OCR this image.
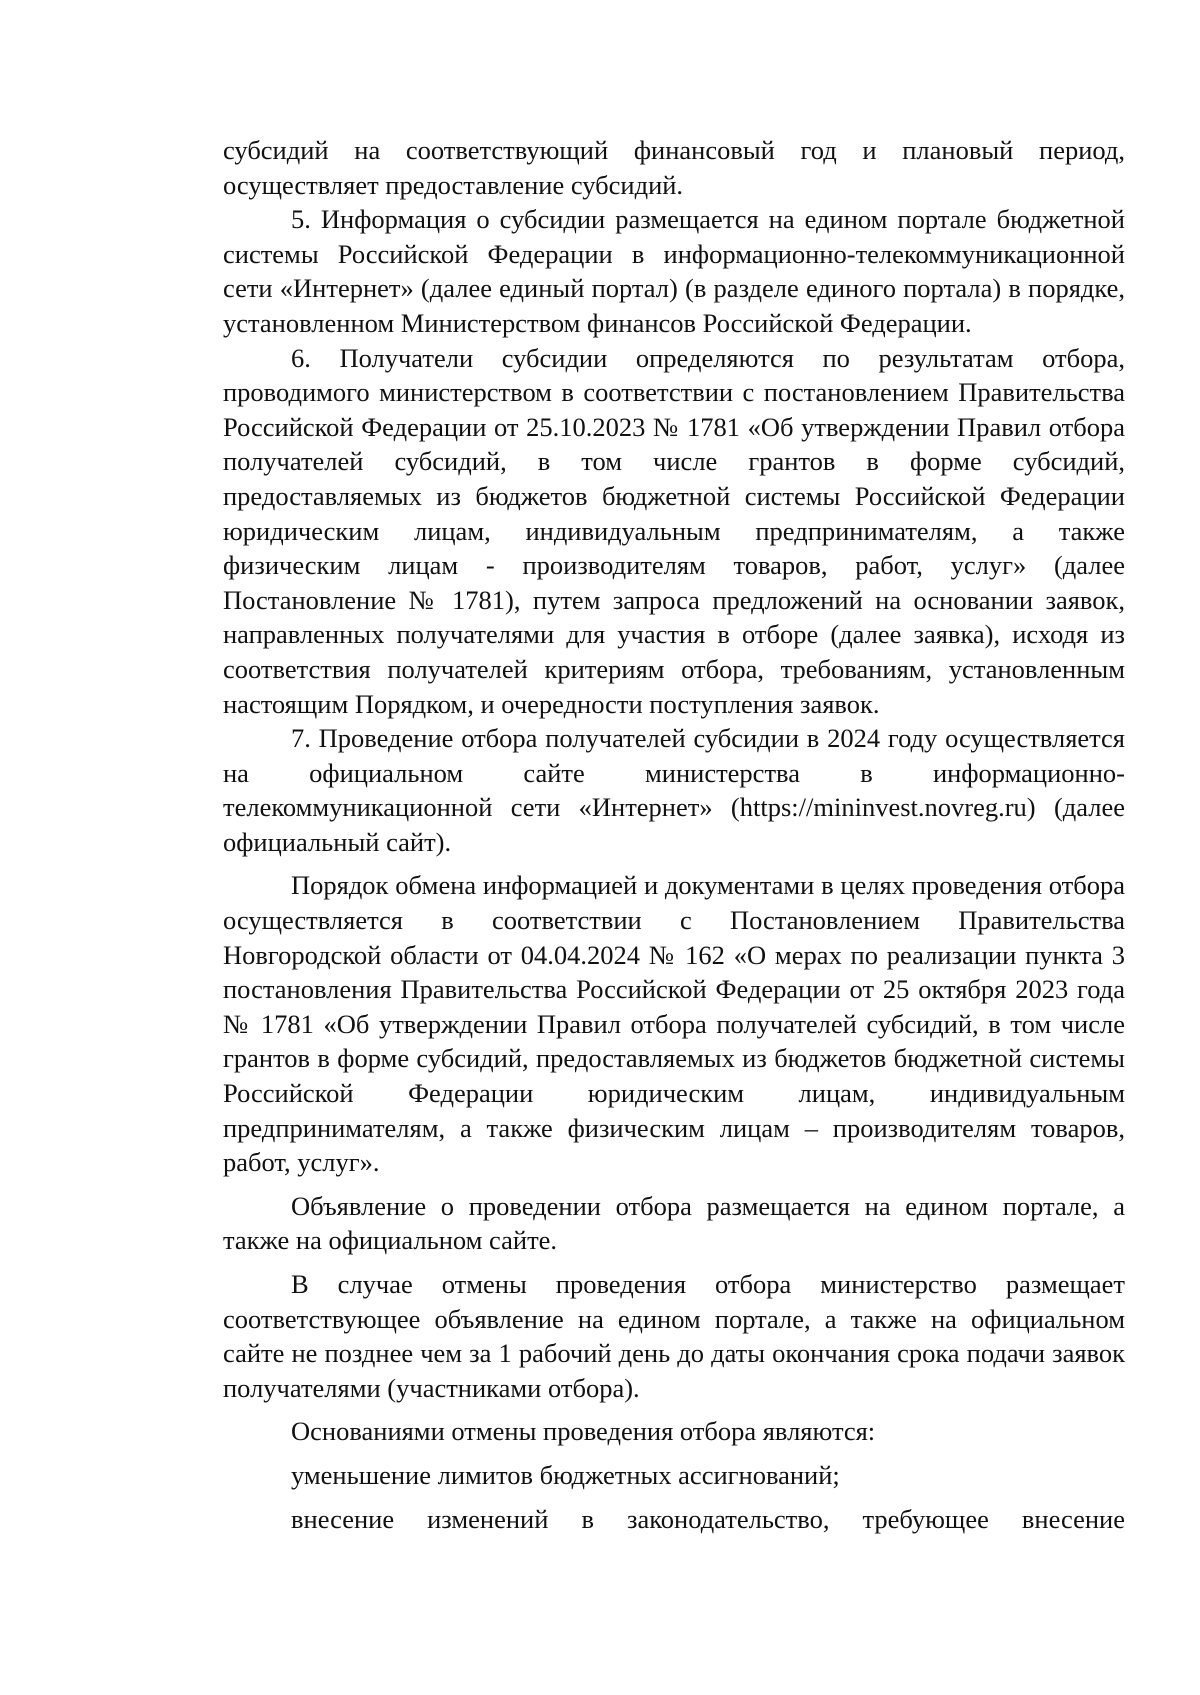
субсидий на соответствующий финансовый год и плановый период, осуществляет предоставление субсидий.

5. Информация о субсидии размещается на едином портале бюджетной системы Российской Федерации в информационно-телекоммуникационной сети «Интернет» (далее единый портал) (в разделе единого портала) в порядке, установленном Министерством финансов Российской Федерации.

6. Получатели субсидии определяются по результатам отбора, проводимого министерством в соответствии с постановлением Правительства Российской Федерации от 25.10.2023 № 1781 «Об утверждении Правил отбора получателей субсидий, в том числе грантов в форме субсидий, предоставляемых из бюджетов бюджетной системы Российской Федерации юридическим лицам, индивидуальным предпринимателям, а также физическим лицам - производителям товаров, работ, услуг» (далее Постановление № 1781), путем запроса предложений на основании заявок, направленных получателями для участия в отборе (далее заявка), исходя из соответствия получателей критериям отбора, требованиям, установленным настоящим Порядком, и очередности поступления заявок.

7. Проведение отбора получателей субсидии в 2024 году осуществляется на официальном сайте министерства в информационно-телекоммуникационной сети «Интернет» (https://mininvest.novreg.ru) (далее официальный сайт).

Порядок обмена информацией и документами в целях проведения отбора осуществляется в соответствии с Постановлением Правительства Новгородской области от 04.04.2024 № 162 «О мерах по реализации пункта 3 постановления Правительства Российской Федерации от 25 октября 2023 года № 1781 «Об утверждении Правил отбора получателей субсидий, в том числе грантов в форме субсидий, предоставляемых из бюджетов бюджетной системы Российской Федерации юридическим лицам, индивидуальным предпринимателям, а также физическим лицам – производителям товаров, работ, услуг».

Объявление о проведении отбора размещается на едином портале, а также на официальном сайте.

В случае отмены проведения отбора министерство размещает соответствующее объявление на едином портале, а также на официальном сайте не позднее чем за 1 рабочий день до даты окончания срока подачи заявок получателями (участниками отбора).

Основаниями отмены проведения отбора являются:

уменьшение лимитов бюджетных ассигнований;

внесение изменений в законодательство, требующее внесение
